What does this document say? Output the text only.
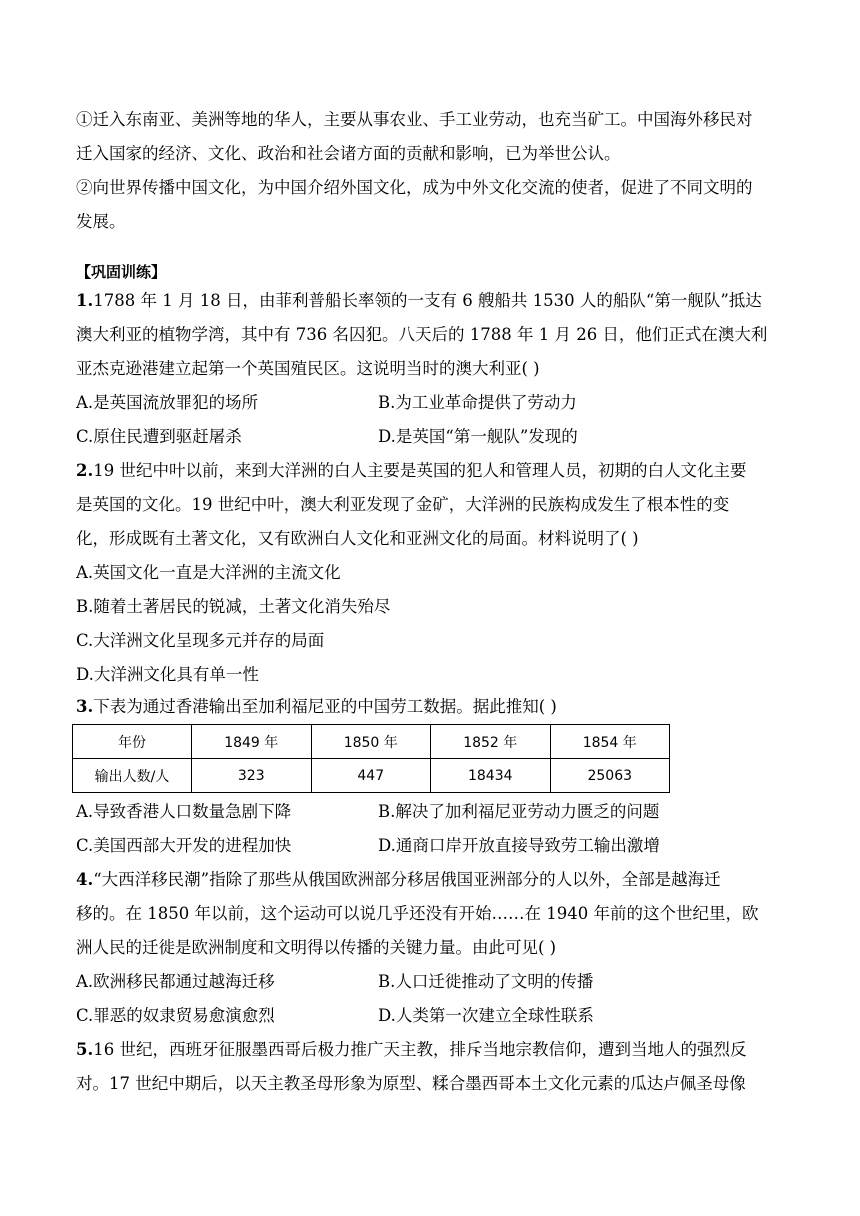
①迁入东南亚、美洲等地的华人，主要从事农业、手工业劳动，也充当矿工。中国海外移民对
迁入国家的经济、文化、政治和社会诸方面的贡献和影响，已为举世公认。
②向世界传播中国文化，为中国介绍外国文化，成为中外文化交流的使者，促进了不同文明的
发展。
【巩固训练】
1.1788 年 1 月 18 日，由菲利普船长率领的一支有 6 艘船共 1530 人的船队“第一舰队”抵达
澳大利亚的植物学湾，其中有 736 名囚犯。八天后的 1788 年 1 月 26 日，他们正式在澳大利
亚杰克逊港建立起第一个英国殖民区。这说明当时的澳大利亚( )
A.是英国流放罪犯的场所	B.为工业革命提供了劳动力
C.原住民遭到驱赶屠杀	D.是英国“第一舰队”发现的
2.19 世纪中叶以前，来到大洋洲的白人主要是英国的犯人和管理人员，初期的白人文化主要
是英国的文化。19 世纪中叶，澳大利亚发现了金矿，大洋洲的民族构成发生了根本性的变
化，形成既有土著文化，又有欧洲白人文化和亚洲文化的局面。材料说明了( )
A.英国文化一直是大洋洲的主流文化
B.随着土著居民的锐减，土著文化消失殆尽
C.大洋洲文化呈现多元并存的局面
D.大洋洲文化具有单一性
3.下表为通过香港输出至加利福尼亚的中国劳工数据。据此推知( )
年份	1849 年	1850 年	1852 年	1854 年
输出人数/人	323	447	18434	25063
A.导致香港人口数量急剧下降	B.解决了加利福尼亚劳动力匮乏的问题
C.美国西部大开发的进程加快	D.通商口岸开放直接导致劳工输出激增
4.“大西洋移民潮”指除了那些从俄国欧洲部分移居俄国亚洲部分的人以外，全部是越海迁
移的。在 1850 年以前，这个运动可以说几乎还没有开始……在 1940 年前的这个世纪里，欧
洲人民的迁徙是欧洲制度和文明得以传播的关键力量。由此可见( )
A.欧洲移民都通过越海迁移	B.人口迁徙推动了文明的传播
C.罪恶的奴隶贸易愈演愈烈	D.人类第一次建立全球性联系
5.16 世纪，西班牙征服墨西哥后极力推广天主教，排斥当地宗教信仰，遭到当地人的强烈反
对。17 世纪中期后，以天主教圣母形象为原型、糅合墨西哥本土文化元素的瓜达卢佩圣母像
